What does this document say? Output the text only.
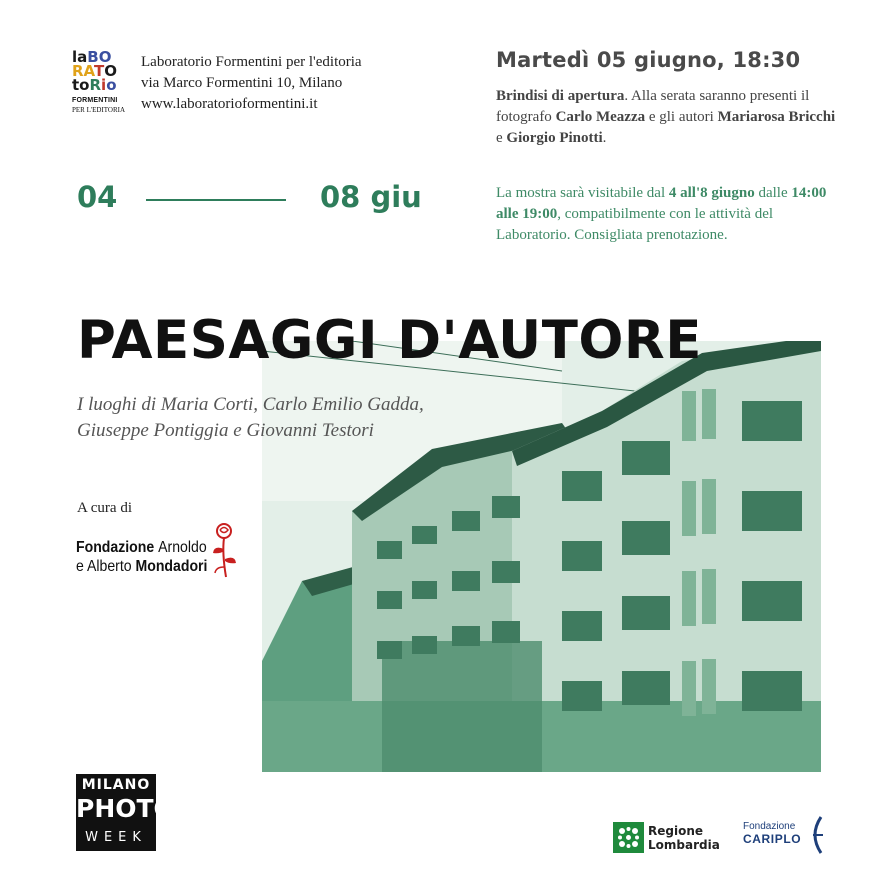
laBO
RATO
toRio
FORMENTINI
PER L'EDITORIA
Laboratorio Formentini per l'editoria
via Marco Formentini 10, Milano
www.laboratorioformentini.it
Martedì 05 giugno, 18:30
Brindisi di apertura. Alla serata saranno presenti il fotografo Carlo Meazza e gli autori Mariarosa Bricchi e Giorgio Pinotti.
04	08 giu	La mostra sarà visitabile dal 4 all'8 giugno dalle 14:00 alle 19:00, compatibilmente con le attività del Laboratorio. Consigliata prenotazione.
PAESAGGI D'AUTORE
I luoghi di Maria Corti, Carlo Emilio Gadda,
Giuseppe Pontiggia e Giovanni Testori
A cura di
Fondazione Arnoldo
e Alberto Mondadori
MILANO
PHOTO
WEEK	Regione
Lombardia
Fondazione
CARIPLO
